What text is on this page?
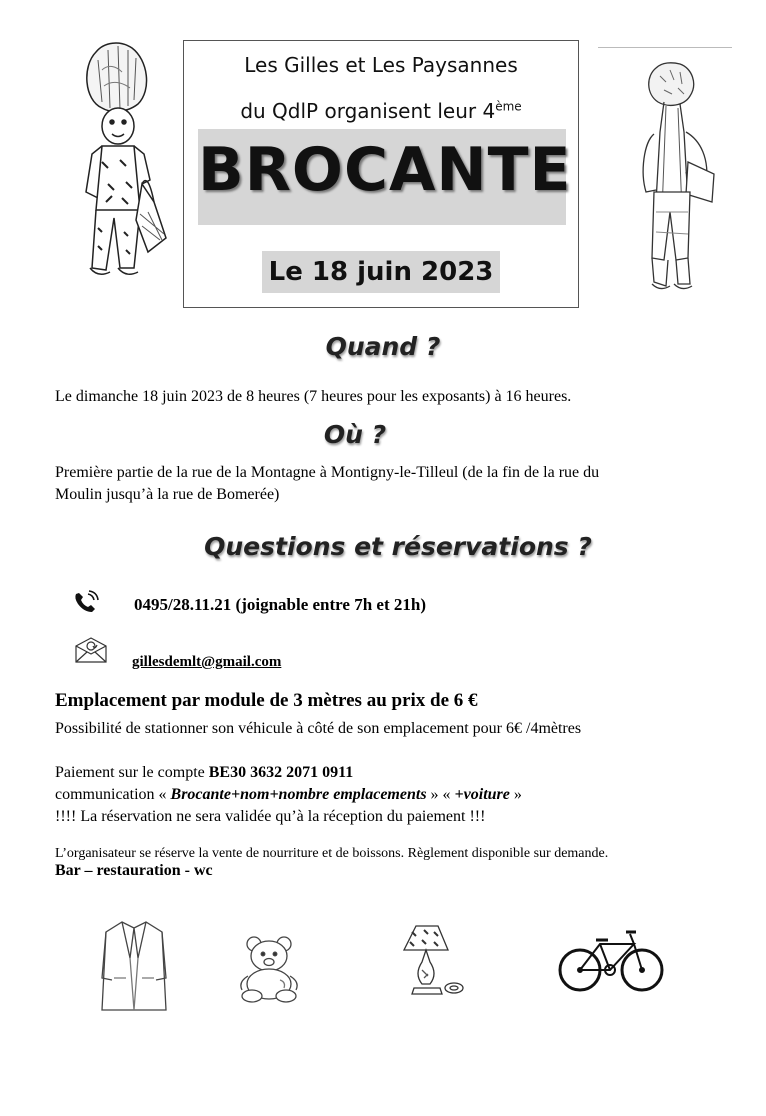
Les Gilles et Les Paysannes
du QdlP organisent leur 4ème
BROCANTE
Le 18 juin 2023
Quand ?
Le dimanche 18 juin 2023 de 8 heures (7 heures pour les exposants) à 16 heures.
Où ?
Première partie de la rue de la Montagne à Montigny-le-Tilleul (de la fin de la rue du
Moulin jusqu’à la rue de Bomerée)
Questions et réservations ?
0495/28.11.21 (joignable entre 7h et 21h)
gillesdemlt@gmail.com
Emplacement par module de 3 mètres au prix de 6 €
Possibilité de stationner son véhicule à côté de son emplacement pour 6€ /4mètres
Paiement sur le compte BE30 3632 2071 0911
communication « Brocante+nom+nombre emplacements » « +voiture »
!!!! La réservation ne sera validée qu’à la réception du paiement !!!
L’organisateur se réserve la vente de nourriture et de boissons. Règlement disponible sur demande.
Bar – restauration - wc
